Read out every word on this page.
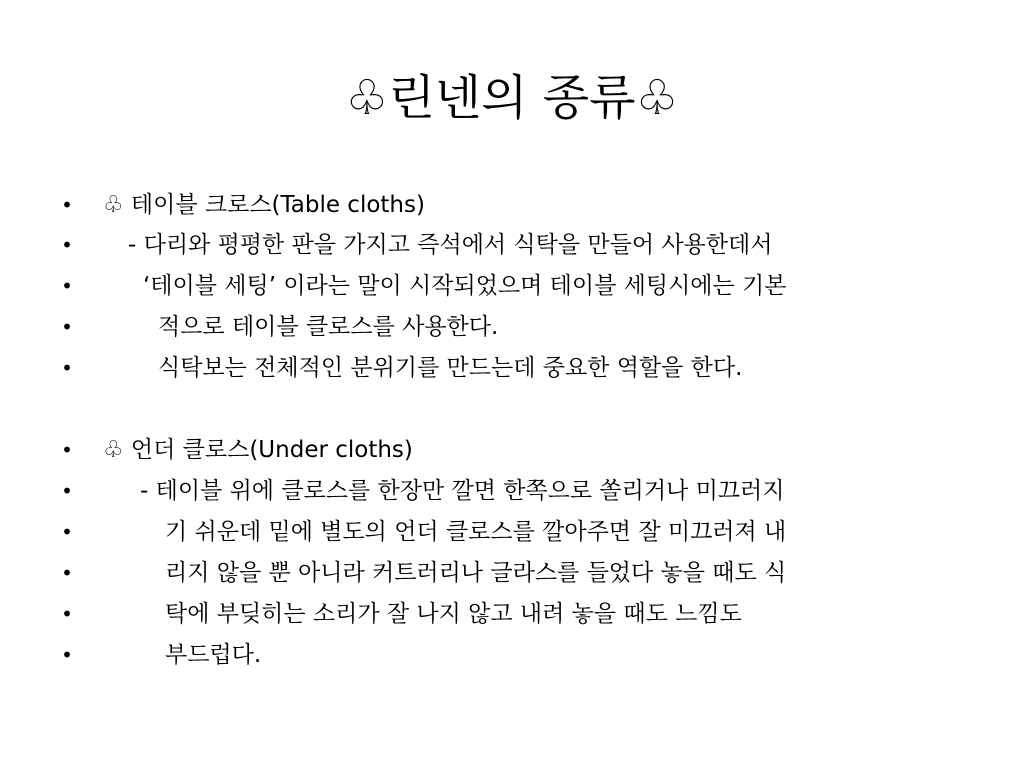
♧린넨의 종류♧
• ♧ 테이블 크로스(Table cloths)
• - 다리와 평평한 판을 가지고 즉석에서 식탁을 만들어 사용한데서
•	‘테이블 세팅’ 이라는 말이 시작되었으며 테이블 세팅시에는 기본
•	적으로 테이블 클로스를 사용한다.
•	식탁보는 전체적인 분위기를 만드는데 중요한 역할을 한다.
• ♧ 언더 클로스(Under cloths)
•	- 테이블 위에 클로스를 한장만 깔면 한쪽으로 쏠리거나 미끄러지
•	기 쉬운데 밑에 별도의 언더 클로스를 깔아주면 잘 미끄러져 내
•	리지 않을 뿐 아니라 커트러리나 글라스를 들었다 놓을 때도 식
•	탁에 부딪히는 소리가 잘 나지 않고 내려 놓을 때도 느낌도
•	부드럽다.
